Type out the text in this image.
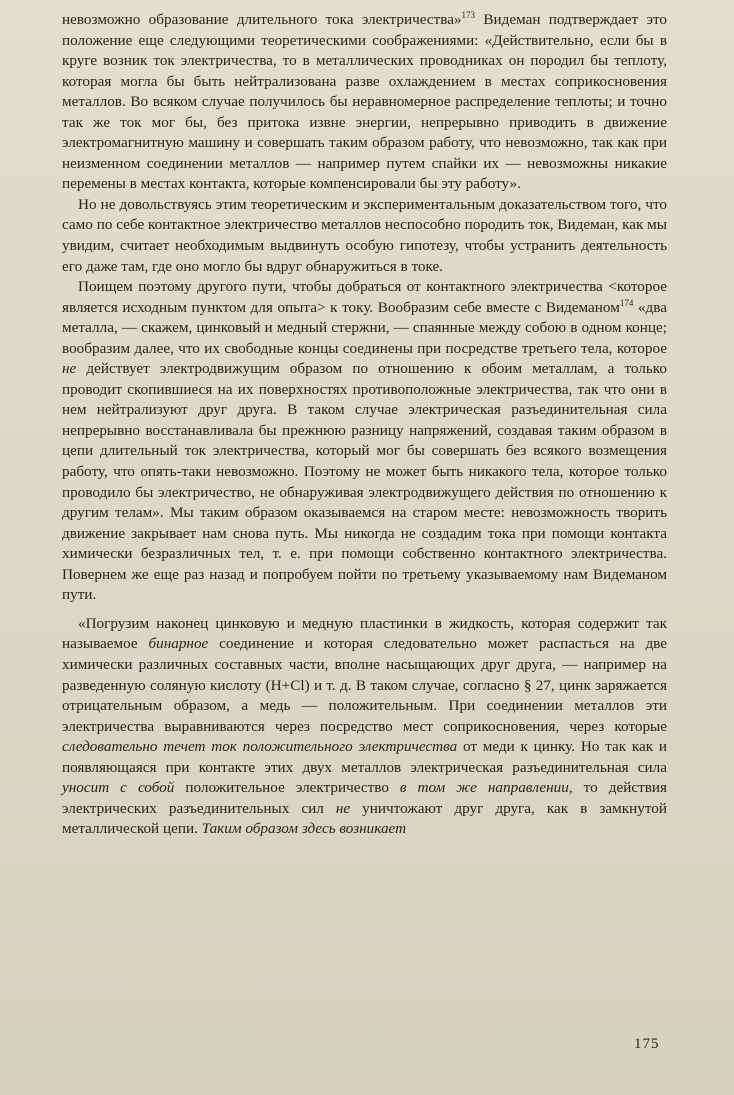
невозможно образование длительного тока электричества»$^{173}$ Видеман подтверждает это положение еще следующими теоретическими соображениями: «Действительно, если бы в круге возник ток электричества, то в металлических проводниках он породил бы теплоту, которая могла бы быть нейтрализована разве охлаждением в местах соприкосновения металлов. Во всяком случае получилось бы неравномерное распределение теплоты; и точно так же ток мог бы, без притока извне энергии, непрерывно приводить в движение электромагнитную машину и совершать таким образом работу, что невозможно, так как при неизменном соединении металлов — например путем спайки их — невозможны никакие перемены в местах контакта, которые компенсировали бы эту работу».

Но не довольствуясь этим теоретическим и экспериментальным доказательством того, что само по себе контактное электричество металлов неспособно породить ток, Видеман, как мы увидим, считает необходимым выдвинуть особую гипотезу, чтобы устранить деятельность его даже там, где оно могло бы вдруг обнаружиться в токе.

Поищем поэтому другого пути, чтобы добраться от контактного электричества <которое является исходным пунктом для опыта> к току. Вообразим себе вместе с Видеманом$^{174}$ «два металла, — скажем, цинковый и медный стержни, — спаянные между собою в одном конце; вообразим далее, что их свободные концы соединены при посредстве третьего тела, которое не действует электродвижущим образом по отношению к обоим металлам, а только проводит скопившиеся на их поверхностях противоположные электричества, так что они в нем нейтрализуют друг друга. В таком случае электрическая разъединительная сила непрерывно восстанавливала бы прежнюю разницу напряжений, создавая таким образом в цепи длительный ток электричества, который мог бы совершать без всякого возмещения работу, что опять-таки невозможно. Поэтому не может быть никакого тела, которое только проводило бы электричество, не обнаруживая электродвижущего действия по отношению к другим телам». Мы таким образом оказываемся на старом месте: невозможность творить движение закрывает нам снова путь. Мы никогда не создадим тока при помощи контакта химически безразличных тел, т. е. при помощи собственно контактного электричества. Повернем же еще раз назад и попробуем пойти по третьему указываемому нам Видеманом пути.

«Погрузим наконец цинковую и медную пластинки в жидкость, которая содержит так называемое бинарное соединение и которая следовательно может распасться на две химически различных составных части, вполне насыщающих друг друга, — например на разведенную соляную кислоту (H+Cl) и т. д. В таком случае, согласно § 27, цинк заряжается отрицательным образом, а медь — положительным. При соединении металлов эти электричества выравниваются через посредство мест соприкосновения, через которые следовательно течет ток положительного электричества от меди к цинку. Но так как и появляющаяся при контакте этих двух металлов электрическая разъединительная сила уносит с собой положительное электричество в том же направлении, то действия электрических разъединительных сил не уничтожают друг друга, как в замкнутой металлической цепи. Таким образом здесь возникает

175
